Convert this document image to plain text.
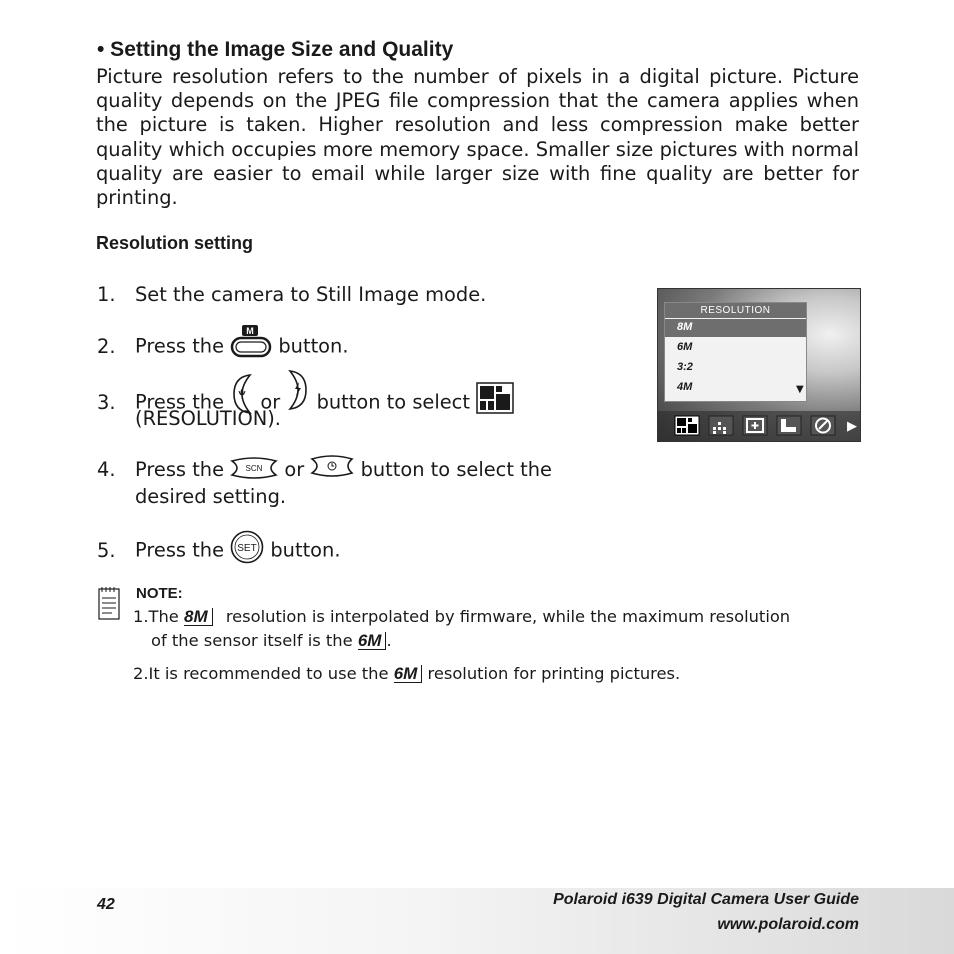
• Setting the Image Size and Quality

Picture resolution refers to the number of pixels in a digital picture. Picture quality depends on the JPEG file compression that the camera applies when the picture is taken. Higher resolution and less compression make better quality which occupies more memory space. Smaller size pictures with normal quality are easier to email while larger size with fine quality are better for printing.

Resolution setting
1. Set the camera to Still Image mode.
2. Press the
M
button.
3. Press the or button to select
(RESOLUTION).
4. Press the	SCN or	button to select the
desired setting.
5. Press the SET button.
RESOLUTION
8M
6M
3:2
4M	▼
▶
NOTE:
1.The 8M resolution is interpolated by firmware, while the maximum resolution
of the sensor itself is the 6M .
2.It is recommended to use the 6M resolution for printing pictures.
42	Polaroid i639 Digital Camera User Guide
www.polaroid.com
